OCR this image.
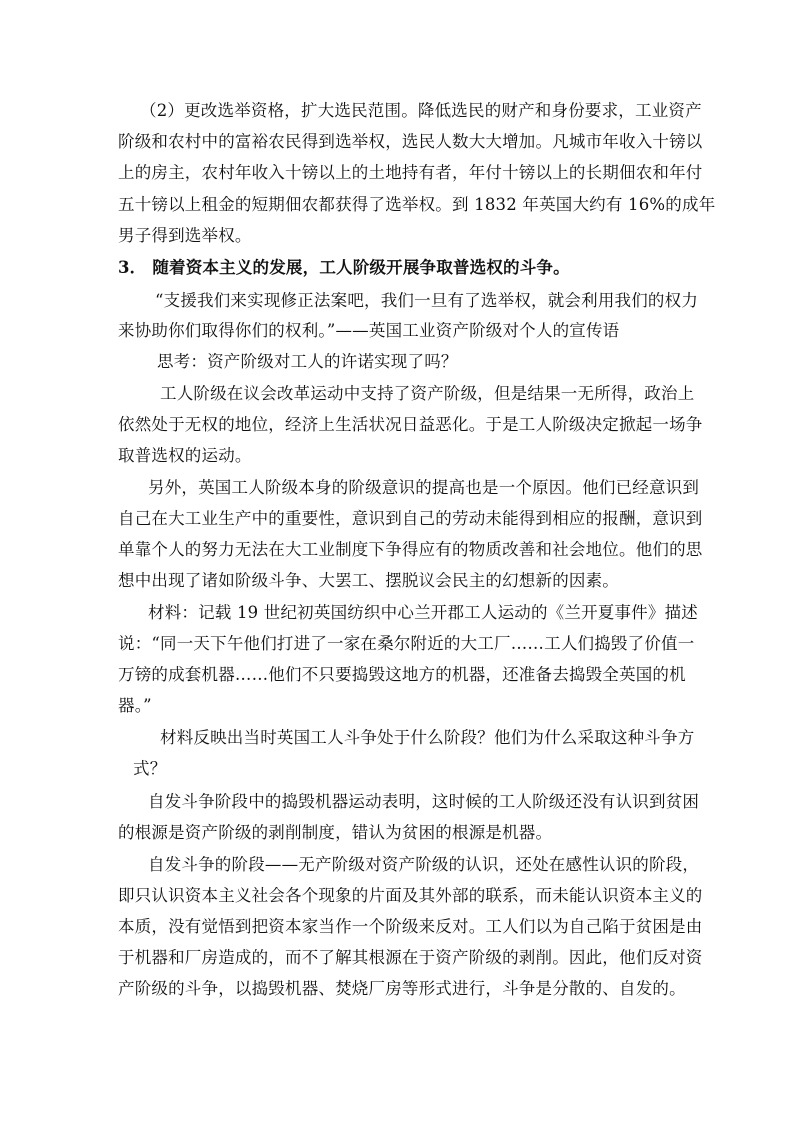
（2）更改选举资格，扩大选民范围。降低选民的财产和身份要求，工业资产
阶级和农村中的富裕农民得到选举权，选民人数大大增加。凡城市年收入十镑以
上的房主，农村年收入十镑以上的土地持有者，年付十镑以上的长期佃农和年付
五十镑以上租金的短期佃农都获得了选举权。到 1832 年英国大约有 16%的成年
男子得到选举权。
3． 随着资本主义的发展，工人阶级开展争取普选权的斗争。
“支援我们来实现修正法案吧，我们一旦有了选举权，就会利用我们的权力
来协助你们取得你们的权利。”——英国工业资产阶级对个人的宣传语
思考：资产阶级对工人的许诺实现了吗？
工人阶级在议会改革运动中支持了资产阶级，但是结果一无所得，政治上
依然处于无权的地位，经济上生活状况日益恶化。于是工人阶级决定掀起一场争
取普选权的运动。
另外，英国工人阶级本身的阶级意识的提高也是一个原因。他们已经意识到
自己在大工业生产中的重要性，意识到自己的劳动未能得到相应的报酬，意识到
单靠个人的努力无法在大工业制度下争得应有的物质改善和社会地位。他们的思
想中出现了诸如阶级斗争、大罢工、摆脱议会民主的幻想新的因素。
材料：记载 19 世纪初英国纺织中心兰开郡工人运动的《兰开夏事件》描述
说：“同一天下午他们打进了一家在桑尔附近的大工厂……工人们捣毁了价值一
万镑的成套机器……他们不只要捣毁这地方的机器，还准备去捣毁全英国的机
器。”
材料反映出当时英国工人斗争处于什么阶段？他们为什么采取这种斗争方
式？
自发斗争阶段中的捣毁机器运动表明，这时候的工人阶级还没有认识到贫困
的根源是资产阶级的剥削制度，错认为贫困的根源是机器。
自发斗争的阶段——无产阶级对资产阶级的认识，还处在感性认识的阶段，
即只认识资本主义社会各个现象的片面及其外部的联系，而未能认识资本主义的
本质，没有觉悟到把资本家当作一个阶级来反对。工人们以为自己陷于贫困是由
于机器和厂房造成的，而不了解其根源在于资产阶级的剥削。因此，他们反对资
产阶级的斗争，以捣毁机器、焚烧厂房等形式进行，斗争是分散的、自发的。
